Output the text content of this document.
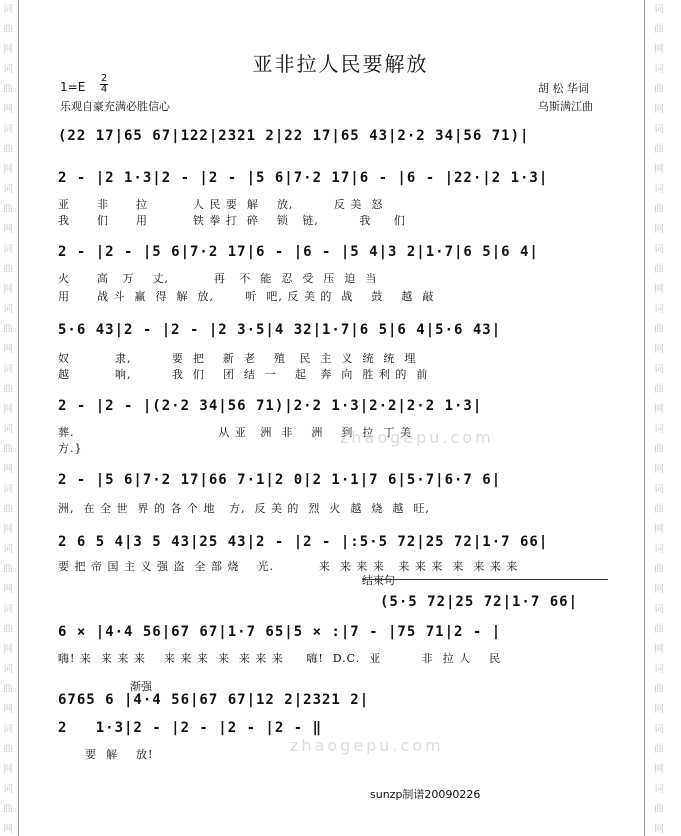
词
曲
网
词
曲
网
词
曲
网
词
曲
网
词
曲
网
词
曲
网
词
曲
网
词
曲
网
词
曲
网
词
曲
网
词
曲
网
词
曲
网
词
曲
网
词
曲
网
词
曲
网
词
曲
网
词
曲
网
词
曲
网
词
曲
网
词
曲
网
词
曲
网
词
曲
网
词
曲
网
词
曲
网
词
曲
网
词
曲
网
词
曲
网
词
曲
网
亚非拉人民要解放
1=E
2
4
乐观自豪充满必胜信心
胡 松 华词
乌斯满江曲
(22 17|65 67|122|2321 2|22 17|65 43|2·2 34|56 71)|
2 - |2 1·3|2 - |2 - |5 6|7·2 17|6 - |6 - |22·|2 1·3|
2 - |2 - |5 6|7·2 17|6 - |6 - |5 4|3 2|1·7|6 5|6 4|
5·6 43|2 - |2 - |2 3·5|4 32|1·7|6 5|6 4|5·6 43|
2 - |2 - |(2·2 34|56 71)|2·2 1·3|2·2|2·2 1·3|
2 - |5 6|7·2 17|66 7·1|2 0|2 1·1|7 6|5·7|6·7 6|
2 6 5 4|3 5 43|25 43|2 - |2 - |:5·5 72|25 72|1·7 66|
(5·5 72|25 72|1·7 66|
6 × |4·4 56|67 67|1·7 65|5 × :|7 - |75 71|2 - |
6765 6 |4·4 56|67 67|12 2|2321 2|
2   1·3|2 - |2 - |2 - |2 - ‖
亚      非      拉          人 民 要  解    放,         反 美  怒
我      们      用          铁 拳 打  碎    锁   链,         我     们
火      高   万    丈,          再   不  能  忍  受  压  迫  当
用      战 斗  赢  得  解  放,       听  吧, 反 美 的  战    鼓    越  敲
奴          隶,         要  把    新  老    殖   民  主  义  统  统  埋
越          响,         我  们    团  结  一    起   奔  向  胜 利 的  前
葬.                                从 亚   洲  非    洲    到  拉  丁 美
方.}
洲,  在 全 世  界 的 各 个 地   方,  反 美 的  烈  火  越  烧  越  旺,
要 把 帝 国 主 义 强 盗  全 部 烧    光.          来  来 来 来   来 来 来  来  来 来 来
嗨! 来  来 来 来    来 来 来  来  来 来 来     嗨!  D.C.  亚         非  拉 人    民
要  解    放!
结束句
渐强
zhaogepu.com
zhaogepu.com
sunzp制谱20090226
